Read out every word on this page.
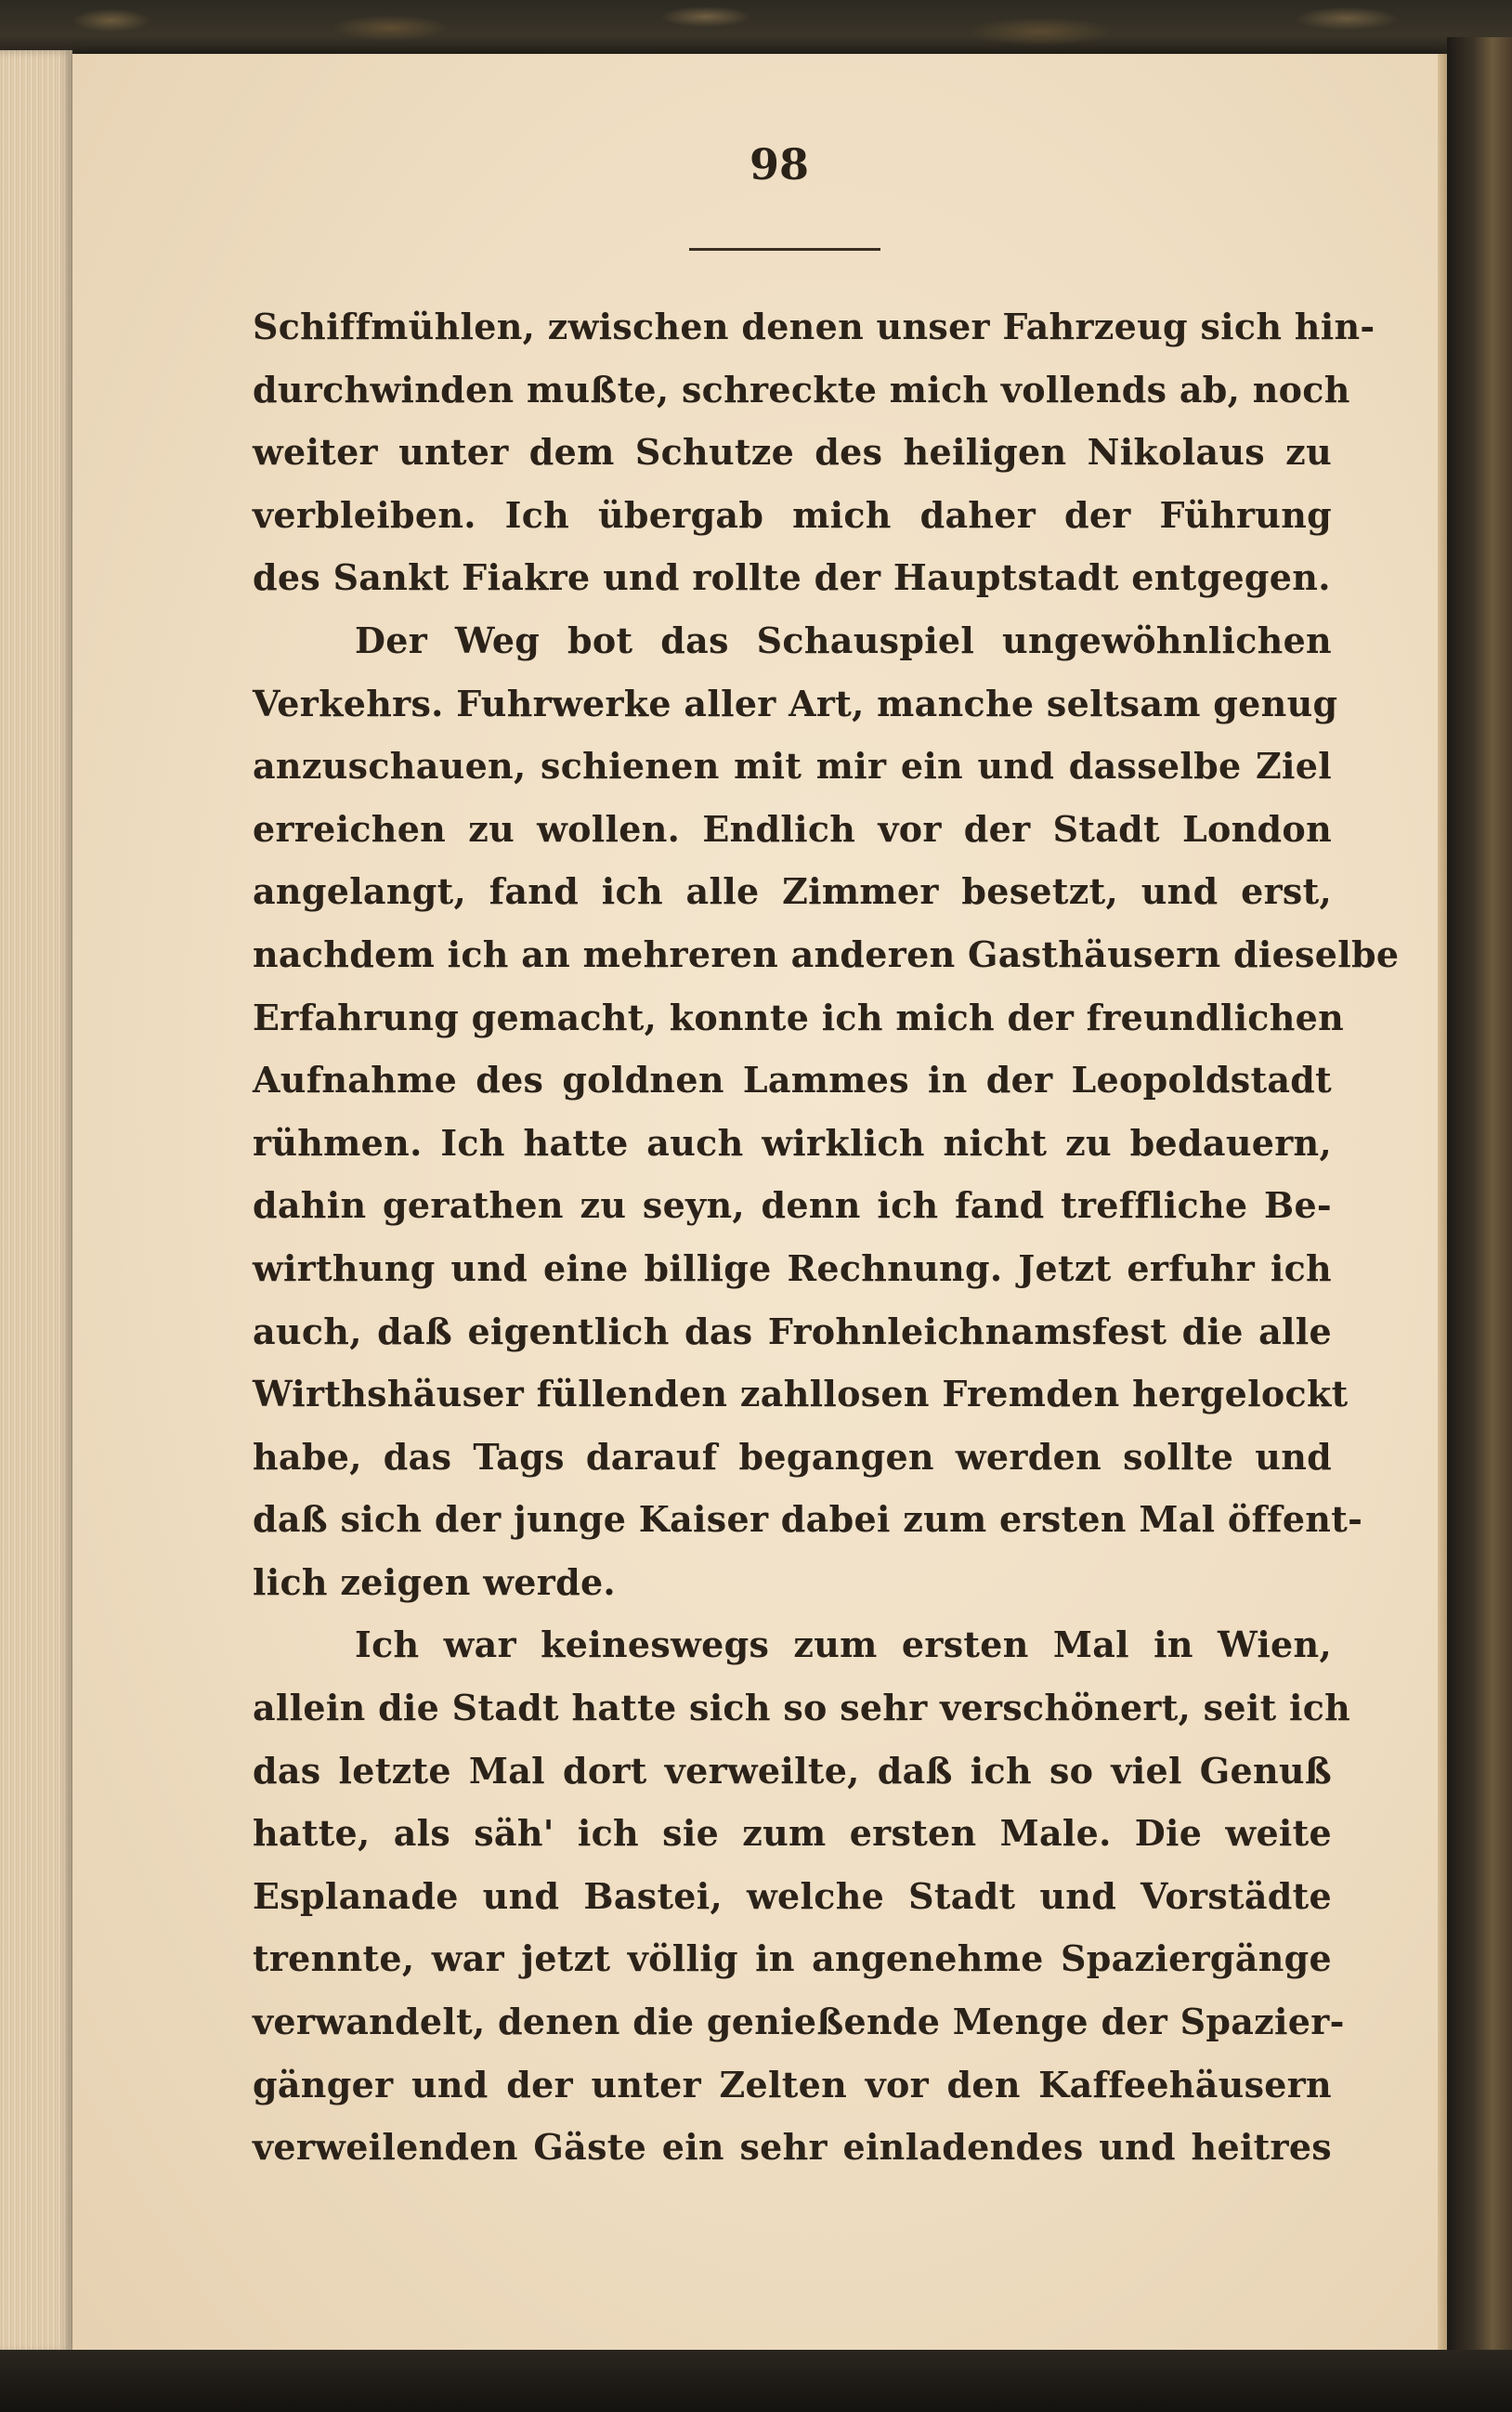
98
Schiffmühlen, zwischen denen unser Fahrzeug sich hin-
durchwinden mußte, schreckte mich vollends ab, noch
weiter unter dem Schutze des heiligen Nikolaus zu
verbleiben. Ich übergab mich daher der Führung
des Sankt Fiakre und rollte der Hauptstadt entgegen.
Der Weg bot das Schauspiel ungewöhnlichen
Verkehrs. Fuhrwerke aller Art, manche seltsam genug
anzuschauen, schienen mit mir ein und dasselbe Ziel
erreichen zu wollen. Endlich vor der Stadt London
angelangt, fand ich alle Zimmer besetzt, und erst,
nachdem ich an mehreren anderen Gasthäusern dieselbe
Erfahrung gemacht, konnte ich mich der freundlichen
Aufnahme des goldnen Lammes in der Leopoldstadt
rühmen. Ich hatte auch wirklich nicht zu bedauern,
dahin gerathen zu seyn, denn ich fand treffliche Be-
wirthung und eine billige Rechnung. Jetzt erfuhr ich
auch, daß eigentlich das Frohnleichnamsfest die alle
Wirthshäuser füllenden zahllosen Fremden hergelockt
habe, das Tags darauf begangen werden sollte und
daß sich der junge Kaiser dabei zum ersten Mal öffent-
lich zeigen werde.
Ich war keineswegs zum ersten Mal in Wien,
allein die Stadt hatte sich so sehr verschönert, seit ich
das letzte Mal dort verweilte, daß ich so viel Genuß
hatte, als säh' ich sie zum ersten Male. Die weite
Esplanade und Bastei, welche Stadt und Vorstädte
trennte, war jetzt völlig in angenehme Spaziergänge
verwandelt, denen die genießende Menge der Spazier-
gänger und der unter Zelten vor den Kaffeehäusern
verweilenden Gäste ein sehr einladendes und heitres
